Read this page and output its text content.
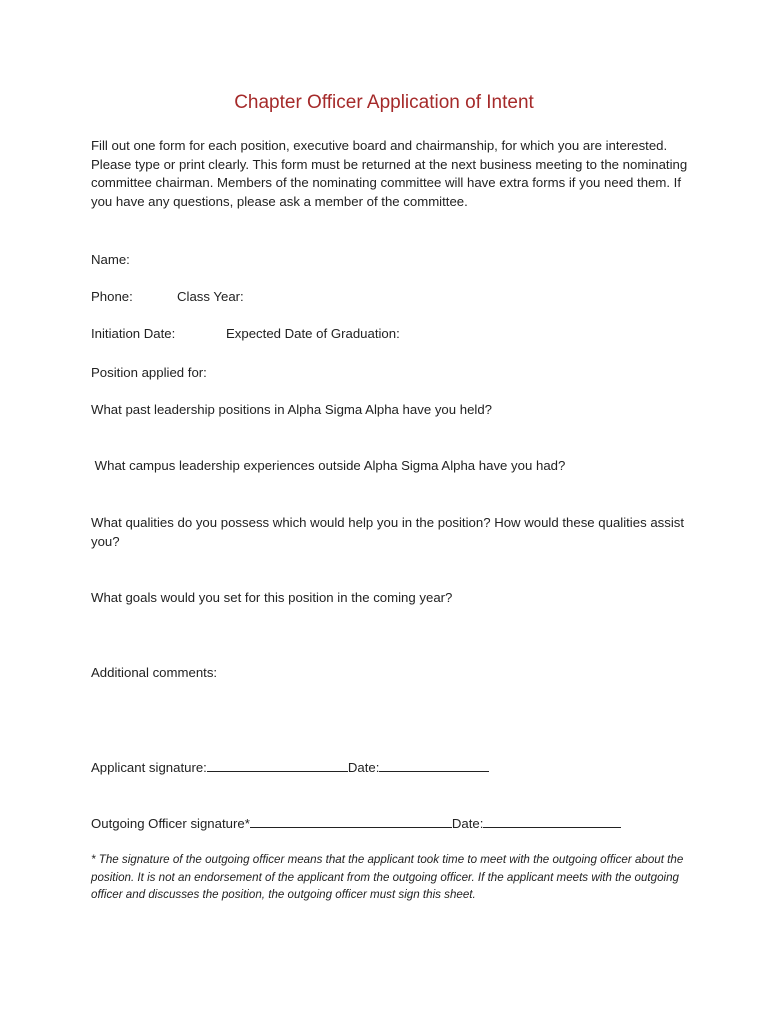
Chapter Officer Application of Intent

Fill out one form for each position, executive board and chairmanship, for which you are interested. Please type or print clearly. This form must be returned at the next business meeting to the nominating committee chairman. Members of the nominating committee will have extra forms if you need them. If you have any questions, please ask a member of the committee.

Name:
Phone:	Class Year:
Initiation Date:	Expected Date of Graduation:
Position applied for:

What past leadership positions in Alpha Sigma Alpha have you held?

What campus leadership experiences outside Alpha Sigma Alpha have you had?

What qualities do you possess which would help you in the position? How would these qualities assist you?

What goals would you set for this position in the coming year?

Additional comments:

Applicant signature:	Date:
Outgoing Officer signature*	Date:

* The signature of the outgoing officer means that the applicant took time to meet with the outgoing officer about the position. It is not an endorsement of the applicant from the outgoing officer. If the applicant meets with the outgoing officer and discusses the position, the outgoing officer must sign this sheet.
